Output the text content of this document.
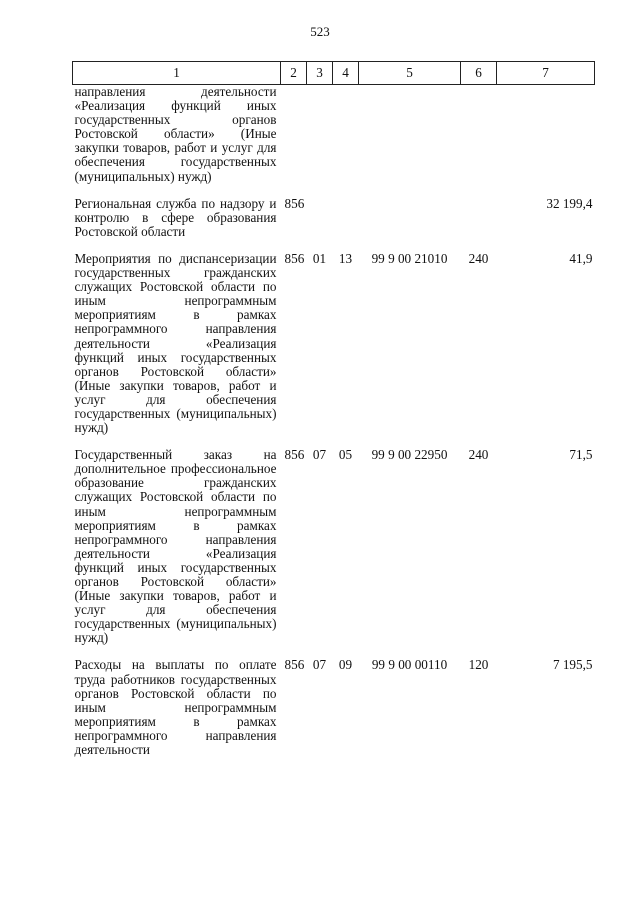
523
1	2	3	4	5	6	7

направления деятельности «Реализация функций иных государственных органов Ростовской области» (Иные закупки товаров, работ и услуг для обеспечения государственных (муниципальных) нужд)						

Региональная служба по надзору и контролю в сфере образования Ростовской области	856					32 199,4

Мероприятия по диспансеризации государственных гражданских служащих Ростовской области по иным непрограммным мероприятиям в рамках непрограммного направления деятельности «Реализация функций иных государственных органов Ростовской области» (Иные закупки товаров, работ и услуг для обеспечения государственных (муниципальных) нужд)	856	01	13	99 9 00 21010	240	41,9

Государственный заказ на дополнительное профессиональное образование гражданских служащих Ростовской области по иным непрограммным мероприятиям в рамках непрограммного направления деятельности «Реализация функций иных государственных органов Ростовской области» (Иные закупки товаров, работ и услуг для обеспечения государственных (муниципальных) нужд)	856	07	05	99 9 00 22950	240	71,5

Расходы на выплаты по оплате труда работников государственных органов Ростовской области по иным непрограммным мероприятиям в рамках непрограммного направления деятельности	856	07	09	99 9 00 00110	120	7 195,5
